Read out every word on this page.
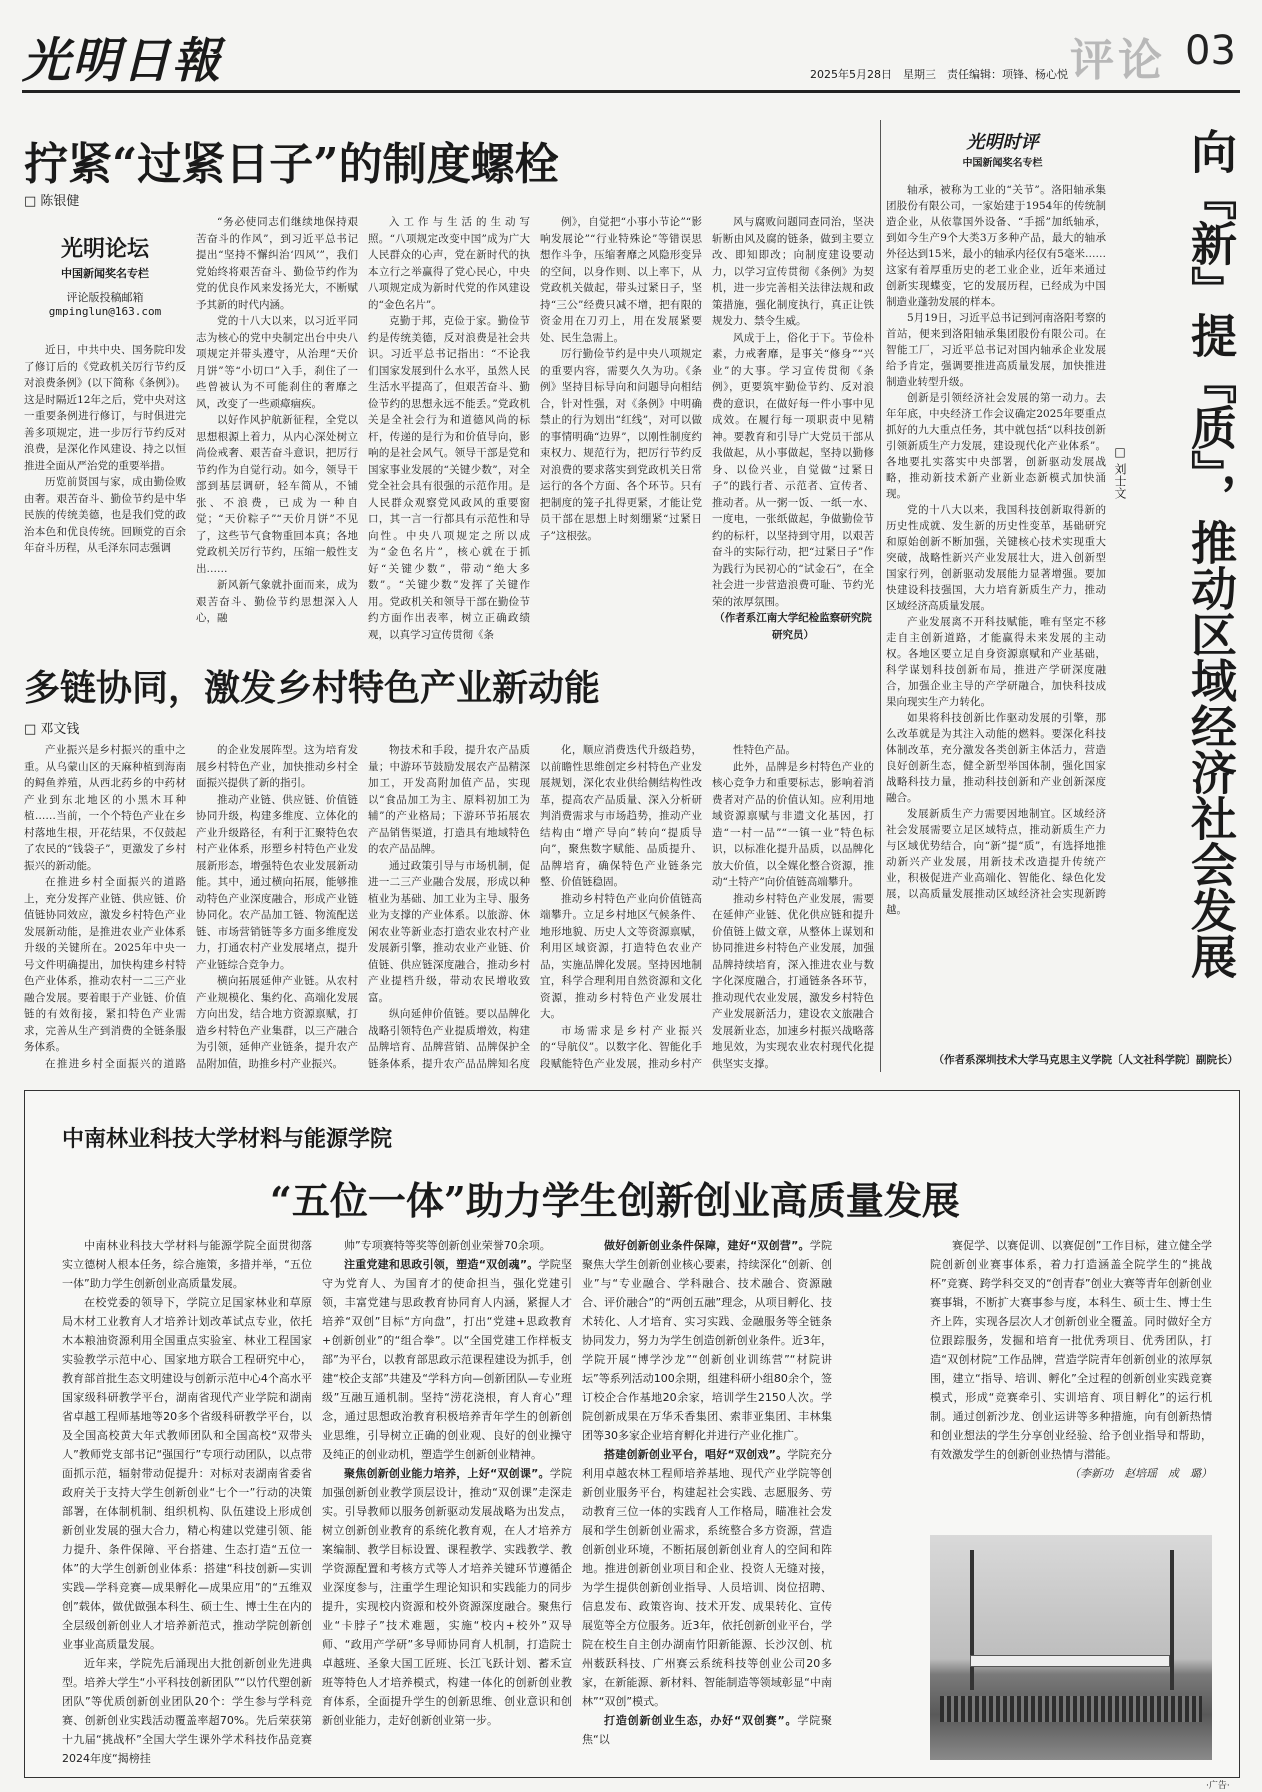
光明日報	2025年5月28日　星期三　责任编辑：项锋、杨心悦 评论 03
拧紧“过紧日子”的制度螺栓
□ 陈银健
光明论坛
中国新闻奖名专栏
评论版投稿邮箱
gmpinglun@163.com

近日，中共中央、国务院印发了修订后的《党政机关厉行节约反对浪费条例》(以下简称《条例》)。这是时隔近12年之后，党中央对这一重要条例进行修订，与时俱进完善多项规定，进一步厉行节约反对浪费，是深化作风建设、持之以恒推进全面从严治党的重要举措。

历览前贤国与家，成由勤俭败由奢。艰苦奋斗、勤俭节约是中华民族的传统美德，也是我们党的政治本色和优良传统。回顾党的百余年奋斗历程，从毛泽东同志强调

“务必使同志们继续地保持艰苦奋斗的作风”，到习近平总书记提出“坚持不懈纠治‘四风’”，我们党始终将艰苦奋斗、勤俭节约作为党的优良作风来发扬光大，不断赋予其新的时代内涵。

党的十八大以来，以习近平同志为核心的党中央制定出台中央八项规定并带头遵守，从治理“天价月饼”等“小切口”入手，刹住了一些曾被认为不可能刹住的奢靡之风，改变了一些顽瘴痼疾。

以好作风护航新征程，全党以思想根源上着力，从内心深处树立尚俭戒奢、艰苦奋斗意识，把厉行节约作为自觉行动。如今，领导干部到基层调研，轻车简从，不铺张、不浪费，已成为一种自觉；“天价粽子”“天价月饼”不见了，这些节气食物重回本真；各地党政机关厉行节约，压缩一般性支出……

新风新气象就扑面而来，成为艰苦奋斗、勤俭节约思想深入人心，融

入工作与生活的生动写照。“八项规定改变中国”成为广大人民群众的心声，党在新时代的执本立行之举赢得了党心民心，中央八项规定成为新时代党的作风建设的“金色名片”。

克勤于邦，克俭于家。勤俭节约是传统美德，反对浪费是社会共识。习近平总书记指出：“不论我们国家发展到什么水平，虽然人民生活水平提高了，但艰苦奋斗、勤俭节约的思想永远不能丢。”党政机关是全社会行为和道德风尚的标杆，传递的是行为和价值导向，影响的是社会风气。领导干部是党和国家事业发展的“关键少数”，对全党全社会具有很强的示范作用。是人民群众观察党风政风的重要窗口，其一言一行都具有示范性和导向性。中央八项规定之所以成为“金色名片”，核心就在于抓好“关键少数”，带动“绝大多数”。“关键少数”发挥了关键作用。党政机关和领导干部在勤俭节约方面作出表率，树立正确政绩观，以真学习宣传贯彻《条

例》，自觉把“小事小节论”“影响发展论”“行业特殊论”等错误思想作斗争，压缩奢靡之风隐形变异的空间，以身作则、以上率下，从党政机关做起，带头过紧日子，坚持“三公”经费只减不增，把有限的资金用在刀刃上，用在发展紧要处、民生急需上。

厉行勤俭节约是中央八项规定的重要内容，需要久久为功。《条例》坚持目标导向和问题导向相结合，针对性强，对《条例》中明确禁止的行为划出“红线”，对可以做的事情明确“边界”，以刚性制度约束权力、规范行为，把厉行节约反对浪费的要求落实到党政机关日常运行的各个方面、各个环节。只有把制度的笼子扎得更紧，才能让党员干部在思想上时刻绷紧“过紧日子”这根弦。

风与腐败问题同查同治，坚决斩断由风及腐的链条，做到主要立改、即知即改；向制度建设要动力，以学习宣传贯彻《条例》为契机，进一步完善相关法律法规和政策措施，强化制度执行，真正让铁规发力、禁令生威。

风成于上，俗化于下。节俭朴素，力戒奢靡，是事关“修身”“兴业”的大事。学习宣传贯彻《条例》，更要筑牢勤俭节约、反对浪费的意识，在做好每一件小事中见成效。在履行每一项职责中见精神。要教育和引导广大党员干部从我做起，从小事做起，坚持以勤修身、以俭兴业，自觉做“过紧日子”的践行者、示范者、宣传者、推动者。从一粥一饭、一纸一水、一度电，一张纸做起，争做勤俭节约的标杆，以坚持到守用，以艰苦奋斗的实际行动，把“过紧日子”作为践行为民初心的“试金石”，在全社会进一步营造浪费可耻、节约光荣的浓厚氛围。

（作者系江南大学纪检监察研究院研究员）

光明时评
中国新闻奖名专栏
多链协同，激发乡村特色产业新动能
□ 邓文钱

产业振兴是乡村振兴的重中之重。从乌蒙山区的天麻种植到海南的鲟鱼养殖，从西北药乡的中药材产业到东北地区的小黑木耳种植……当前，一个个特色产业在乡村落地生根，开花结果，不仅鼓起了农民的“钱袋子”，更激发了乡村振兴的新动能。

在推进乡村全面振兴的道路上，充分发挥产业链、供应链、价值链协同效应，激发乡村特色产业发展新动能，是推进农业产业体系升级的关键所在。2025年中央一号文件明确提出，加快构建乡村特色产业体系，推动农村一二三产业融合发展。要着眼于产业链、价值链的有效衔接，紧扣特色产业需求，完善从生产到消费的全链条服务体系。

在推进乡村全面振兴的道路

的企业发展阵型。这为培育发展乡村特色产业，加快推动乡村全面振兴提供了新的指引。

推动产业链、供应链、价值链协同升级，构建多维度、立体化的产业升级路径，有利于汇聚特色农村产业体系，形塑乡村特色产业发展新形态，增强特色农业发展新动能。其中，通过横向拓展，能够推动特色产业深度融合，形成产业链协同化。农产品加工链、物流配送链、市场营销链等多方面多维度发力，打通农村产业发展堵点，提升产业链综合竞争力。

横向拓展延伸产业链。从农村产业规模化、集约化、高端化发展方向出发，结合地方资源禀赋，打造乡村特色产业集群，以三产融合为引领，延伸产业链条，提升农产品附加值，助推乡村产业振兴。

物技术和手段，提升农产品质量；中游环节鼓励发展农产品精深加工，开发高附加值产品，实现以“食品加工为主、原料初加工为辅”的产业格局；下游环节拓展农产品销售渠道，打造具有地域特色的农产品品牌。

通过政策引导与市场机制，促进一二三产业融合发展，形成以种植业为基础、加工业为主导、服务业为支撑的产业体系。以旅游、休闲农业等新业态打造农业农村产业发展新引擎，推动农业产业链、价值链、供应链深度融合，推动乡村产业提档升级，带动农民增收致富。

纵向延伸价值链。要以品牌化战略引领特色产业提质增效，构建品牌培育、品牌营销、品牌保护全链条体系，提升农产品品牌知名度

化，顺应消费迭代升级趋势，以前瞻性思维创定乡村特色产业发展规划，深化农业供给侧结构性改革，提高农产品质量、深入分析研判消费需求与市场趋势，推动产业结构由“增产导向”转向“提质导向”，聚焦数字赋能、品质提升、品牌培育，确保特色产业链条完整、价值链稳固。

推动乡村特色产业向价值链高端攀升。立足乡村地区气候条件、地形地貌、历史人文等资源禀赋，利用区域资源，打造特色农业产品，实施品牌化发展。坚持因地制宜，科学合理利用自然资源和文化资源，推动乡村特色产业发展壮大。

市场需求是乡村产业振兴的“导航仪”。以数字化、智能化手段赋能特色产业发展，推动乡村产

性特色产品。

此外，品牌是乡村特色产业的核心竞争力和重要标志，影响着消费者对产品的价值认知。应利用地域资源禀赋与非遗文化基因，打造“一村一品”“一镇一业”特色标识，以标准化提升品质，以品牌化放大价值，以全媒化整合资源，推动“土特产”向价值链高端攀升。

推动乡村特色产业发展，需要在延伸产业链、优化供应链和提升价值链上做文章，从整体上谋划和协同推进乡村特色产业发展，加强品牌持续培育，深入推进农业与数字化深度融合，打通链条各环节，推动现代农业发展，激发乡村特色产业发展新活力，建设农文旅融合发展新业态，加速乡村振兴战略落地见效，为实现农业农村现代化提供坚实支撑。

向『新』提『质』，推动区域经济社会发展
□ 刘士文

轴承，被称为工业的“关节”。洛阳轴承集团股份有限公司，一家始建于1954年的传统制造企业，从依靠国外设备、“手摇”加纸轴承，到如今生产9个大类3万多种产品，最大的轴承外径达到15米，最小的轴承内径仅有5毫米……这家有着厚重历史的老工业企业，近年来通过创新实现蝶变，它的发展历程，已经成为中国制造业蓬勃发展的样本。

5月19日，习近平总书记到河南洛阳考察的首站，便来到洛阳轴承集团股份有限公司。在智能工厂，习近平总书记对国内轴承企业发展给予肯定，强调要推进高质量发展，加快推进制造业转型升级。

创新是引领经济社会发展的第一动力。去年年底，中央经济工作会议确定2025年要重点抓好的九大重点任务，其中就包括“以科技创新引领新质生产力发展，建设现代化产业体系”。各地要扎实落实中央部署，创新驱动发展战略，推动新技术新产业新业态新模式加快涌现。

党的十八大以来，我国科技创新取得新的历史性成就、发生新的历史性变革，基础研究和原始创新不断加强，关键核心技术实现重大突破，战略性新兴产业发展壮大，进入创新型国家行列，创新驱动发展能力显著增强。要加快建设科技强国，大力培育新质生产力，推动区域经济高质量发展。

产业发展离不开科技赋能，唯有坚定不移走自主创新道路，才能赢得未来发展的主动权。各地区要立足自身资源禀赋和产业基础，科学谋划科技创新布局，推进产学研深度融合，加强企业主导的产学研融合，加快科技成果向现实生产力转化。

如果将科技创新比作驱动发展的引擎，那么改革就是为其注入动能的燃料。要深化科技体制改革，充分激发各类创新主体活力，营造良好创新生态，健全新型举国体制，强化国家战略科技力量，推动科技创新和产业创新深度融合。

发展新质生产力需要因地制宜。区域经济社会发展需要立足区域特点，推动新质生产力与区域优势结合，向“新”提“质”，有选择地推动新兴产业发展，用新技术改造提升传统产业，积极促进产业高端化、智能化、绿色化发展，以高质量发展推动区域经济社会实现新跨越。

（作者系深圳技术大学马克思主义学院〔人文社科学院〕副院长）

中南林业科技大学材料与能源学院
“五位一体”助力学生创新创业高质量发展

中南林业科技大学材料与能源学院全面贯彻落实立德树人根本任务，综合施策，多措并举，“五位一体”助力学生创新创业高质量发展。

在校党委的领导下，学院立足国家林业和草原局木材工业教育人才培养计划改革试点专业，依托木本粮油资源利用全国重点实验室、林业工程国家实验教学示范中心、国家地方联合工程研究中心，教育部首批生态文明建设与创新示范中心4个高水平国家级科研教学平台，湖南省现代产业学院和湖南省卓越工程师基地等20多个省级科研教学平台，以及全国高校黄大年式教师团队和全国高校“双带头人”教师党支部书记“强国行”专项行动团队，以点带面抓示范，辐射带动促提升：对标对表湖南省委省政府关于支持大学生创新创业“七个一”行动的决策部署，在体制机制、组织机构、队伍建设上形成创新创业发展的强大合力，精心构建以党建引领、能力提升、条件保障、平台搭建、生态打造“五位一体”的大学生创新创业体系：搭建“科技创新—实训实践—学科竞赛—成果孵化—成果应用”的“五维双创”载体，做优做强本科生、硕士生、博士生在内的全层级创新创业人才培养新范式，推动学院创新创业事业高质量发展。

近年来，学院先后涌现出大批创新创业先进典型。培养大学生“小平科技创新团队”“以竹代塑创新团队”等优质创新创业团队20个：学生参与学科竞赛、创新创业实践活动覆盖率超70%。先后荣获第十九届“挑战杯”全国大学生课外学术科技作品竞赛2024年度“揭榜挂

帅”专项赛特等奖等创新创业荣誉70余项。

注重党建和思政引领，塑造“双创魂”。学院坚守为党育人、为国育才的使命担当，强化党建引领，丰富党建与思政教育协同育人内涵，紧握人才培养“双创”目标“方向盘”，打出“党建+思政教育+创新创业”的“组合拳”。以“全国党建工作样板支部”为平台，以教育部思政示范课程建设为抓手，创建“校企支部”共建及“学科方向—创新团队—专业班级”互融互通机制。坚持“涝花浇根，育人育心”理念，通过思想政治教育积极培养青年学生的创新创业思维，引导树立正确的创业观、良好的创业操守及纯正的创业动机，塑造学生创新创业精神。

聚焦创新创业能力培养，上好“双创课”。学院加强创新创业教学顶层设计，推动“双创课”走深走实。引导教师以服务创新驱动发展战略为出发点，树立创新创业教育的系统化教育观，在人才培养方案编制、教学目标设置、课程教学、实践教学、教学资源配置和考核方式等人才培养关键环节遵循企业深度参与，注重学生理论知识和实践能力的同步提升，实现校内资源和校外资源深度融合。聚焦行业“卡脖子”技术难题，实施“校内+校外”双导师、“政用产学研”多导师协同育人机制，打造院士卓越班、圣象大国工匠班、长江飞跃计划、蓄禾宣班等特色人才培养模式，构建一体化的创新创业教育体系，全面提升学生的创新思维、创业意识和创新创业能力，走好创新创业第一步。

做好创新创业条件保障，建好“双创营”。学院聚焦大学生创新创业核心要素，持续深化“创新、创业”与“专业融合、学科融合、技术融合、资源融合、评价融合”的“两创五融”理念，从项目孵化、技术转化、人才培育、实习实践、金融服务等全链条协同发力，努力为学生创造创新创业条件。近3年，学院开展“博学沙龙”“创新创业训练营”“材院讲坛”等系列活动100余期，组建科研小组80余个，签订校企合作基地20余家，培训学生2150人次。学院创新成果在万华禾香集团、索菲亚集团、丰林集团等30多家企业培育孵化并进行产业化推广。

搭建创新创业平台，唱好“双创戏”。学院充分利用卓越农林工程师培养基地、现代产业学院等创新创业服务平台，构建起社会实践、志愿服务、劳动教育三位一体的实践育人工作格局，瞄准社会发展和学生创新创业需求，系统整合多方资源，营造创新创业环境，不断拓展创新创业育人的空间和阵地。推进创新创业项目和企业、投资人无缝对接，为学生提供创新创业指导、人员培训、岗位招聘、信息发布、政策咨询、技术开发、成果转化、宣传展览等全方位服务。近3年，依托创新创业平台，学院在校生自主创办湖南竹阳新能源、长沙汉创、杭州薮跃科技、广州赛云系统科技等创业公司20多家，在新能源、新材料、智能制造等领域彰显“中南林”“双创”模式。

打造创新创业生态，办好“双创赛”。学院聚焦“以

赛促学、以赛促训、以赛促创”工作目标，建立健全学院创新创业赛事体系，着力打造涵盖全院学生的“挑战杯”竞赛、跨学科交叉的“创青春”创业大赛等青年创新创业赛事辑，不断扩大赛事参与度，本科生、硕士生、博士生齐上阵，实现各层次人才创新创业全覆盖。同时做好全方位跟踪服务，发掘和培育一批优秀项目、优秀团队，打造“双创材院”工作品牌，营造学院青年创新创业的浓厚氛围，建立“指导、培训、孵化”全过程的创新创业实践竞赛模式，形成“竞赛牵引、实训培育、项目孵化”的运行机制。通过创新沙龙、创业运讲等多种措施，向有创新热情和创业想法的学生分享创业经验、给予创业指导和帮助，有效激发学生的创新创业热情与潜能。

（李新功　赵培瑶　成　璐）

·广告·
